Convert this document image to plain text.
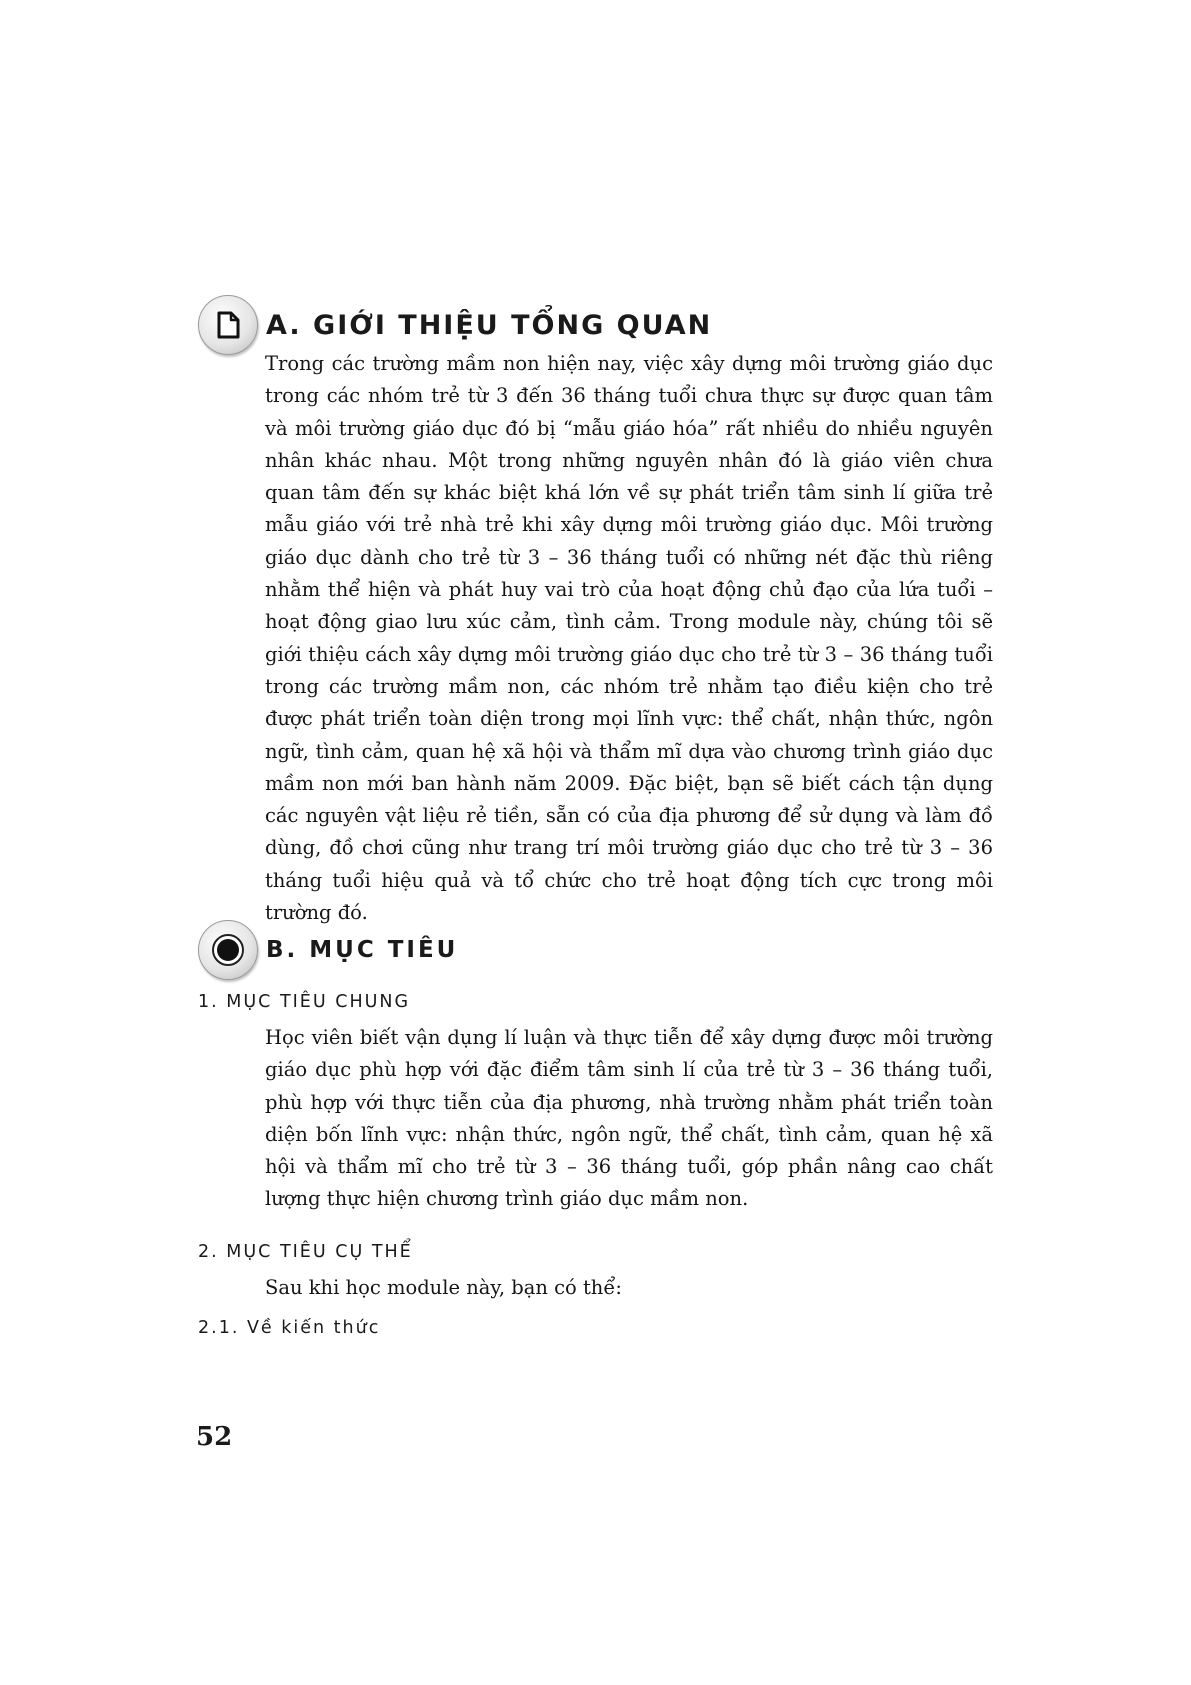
A. GIỚI THIỆU TỔNG QUAN

Trong các trường mầm non hiện nay, việc xây dựng môi trường giáo dục trong các nhóm trẻ từ 3 đến 36 tháng tuổi chưa thực sự được quan tâm và môi trường giáo dục đó bị “mẫu giáo hóa” rất nhiều do nhiều nguyên nhân khác nhau. Một trong những nguyên nhân đó là giáo viên chưa quan tâm đến sự khác biệt khá lớn về sự phát triển tâm sinh lí giữa trẻ mẫu giáo với trẻ nhà trẻ khi xây dựng môi trường giáo dục. Môi trường giáo dục dành cho trẻ từ 3 – 36 tháng tuổi có những nét đặc thù riêng nhằm thể hiện và phát huy vai trò của hoạt động chủ đạo của lứa tuổi – hoạt động giao lưu xúc cảm, tình cảm. Trong module này, chúng tôi sẽ giới thiệu cách xây dựng môi trường giáo dục cho trẻ từ 3 – 36 tháng tuổi trong các trường mầm non, các nhóm trẻ nhằm tạo điều kiện cho trẻ được phát triển toàn diện trong mọi lĩnh vực: thể chất, nhận thức, ngôn ngữ, tình cảm, quan hệ xã hội và thẩm mĩ dựa vào chương trình giáo dục mầm non mới ban hành năm 2009. Đặc biệt, bạn sẽ biết cách tận dụng các nguyên vật liệu rẻ tiền, sẵn có của địa phương để sử dụng và làm đồ dùng, đồ chơi cũng như trang trí môi trường giáo dục cho trẻ từ 3 – 36 tháng tuổi hiệu quả và tổ chức cho trẻ hoạt động tích cực trong môi trường đó.

B. MỤC TIÊU
1. MỤC TIÊU CHUNG

Học viên biết vận dụng lí luận và thực tiễn để xây dựng được môi trường giáo dục phù hợp với đặc điểm tâm sinh lí của trẻ từ 3 – 36 tháng tuổi, phù hợp với thực tiễn của địa phương, nhà trường nhằm phát triển toàn diện bốn lĩnh vực: nhận thức, ngôn ngữ, thể chất, tình cảm, quan hệ xã hội và thẩm mĩ cho trẻ từ 3 – 36 tháng tuổi, góp phần nâng cao chất lượng thực hiện chương trình giáo dục mầm non.

2. MỤC TIÊU CỤ THỂ

Sau khi học module này, bạn có thể:

2.1. Về kiến thức
52
